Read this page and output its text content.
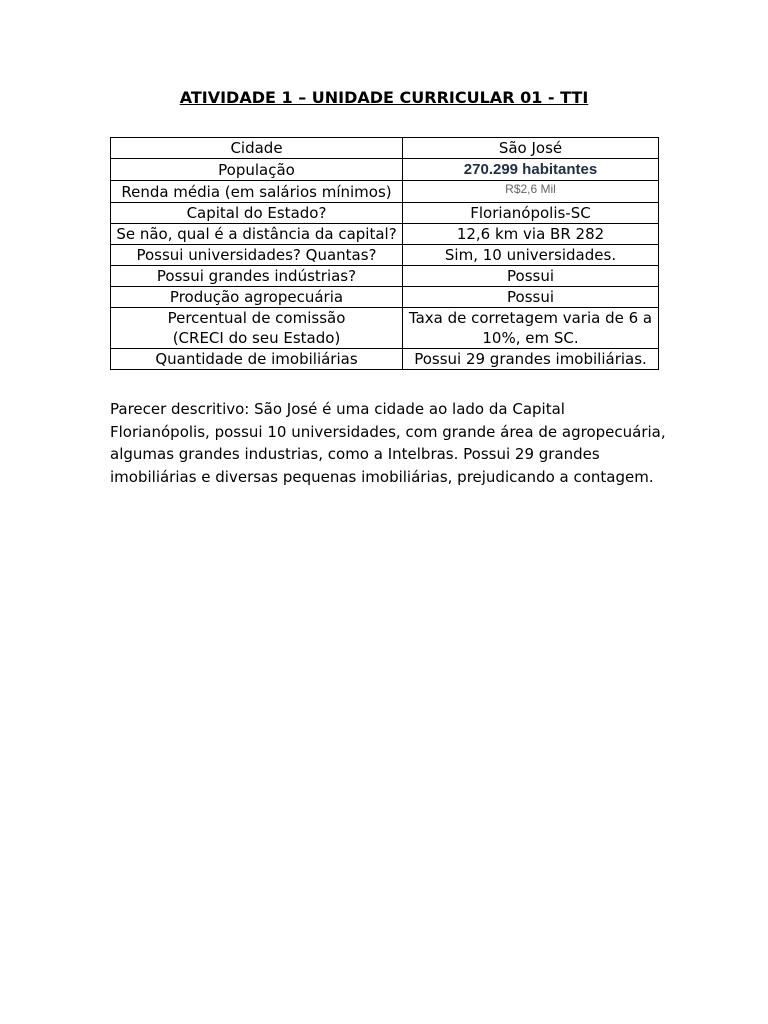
ATIVIDADE 1 – UNIDADE CURRICULAR 01 - TTI
Cidade	São José
População	270.299 habitantes
Renda média (em salários mínimos)	$^{R\$2,6 Mil}$
Capital do Estado?	Florianópolis-SC
Se não, qual é a distância da capital?	12,6 km via BR 282
Possui universidades? Quantas?	Sim, 10 universidades.
Possui grandes indústrias?	Possui
Produção agropecuária	Possui

Percentual de comissão
(CRECI do seu Estado)	Taxa de corretagem varia de 6 a 10%, em SC.
Quantidade de imobiliárias	Possui 29 grandes imobiliárias.
Parecer descritivo: São José é uma cidade ao lado da Capital Florianópolis, possui 10 universidades, com grande área de agropecuária, algumas grandes industrias, como a Intelbras. Possui 29 grandes imobiliárias e diversas pequenas imobiliárias, prejudicando a contagem.
